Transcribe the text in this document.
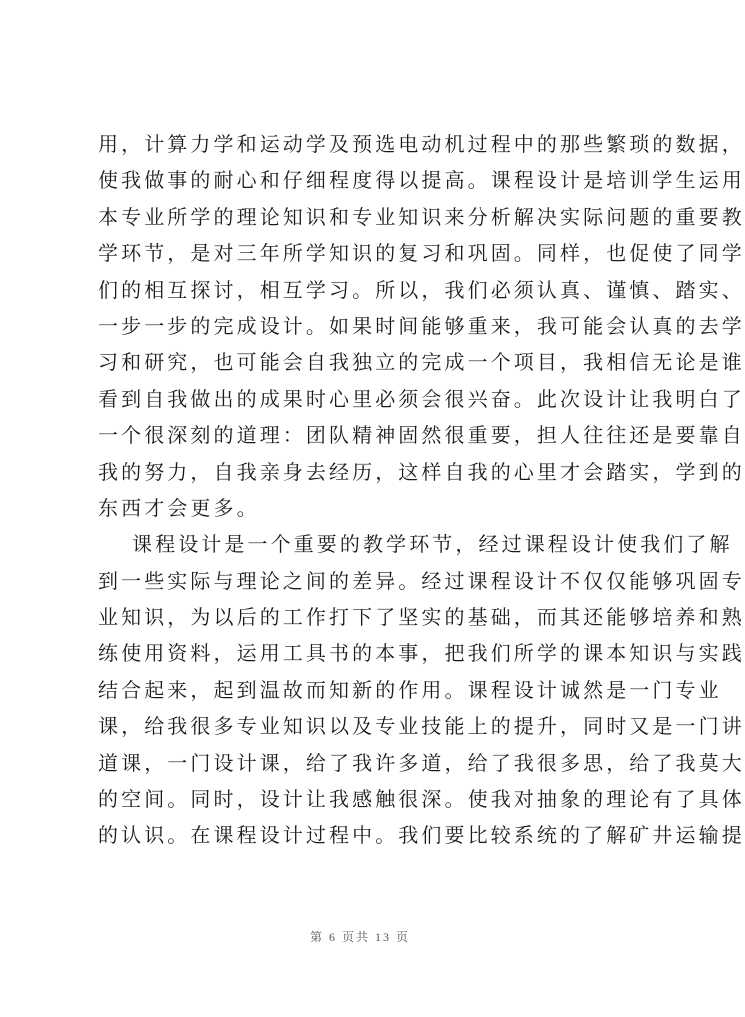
用，计算力学和运动学及预选电动机过程中的那些繁琐的数据，
使我做事的耐心和仔细程度得以提高。课程设计是培训学生运用
本专业所学的理论知识和专业知识来分析解决实际问题的重要教
学环节，是对三年所学知识的复习和巩固。同样，也促使了同学
们的相互探讨，相互学习。所以，我们必须认真、谨慎、踏实、
一步一步的完成设计。如果时间能够重来，我可能会认真的去学
习和研究，也可能会自我独立的完成一个项目，我相信无论是谁
看到自我做出的成果时心里必须会很兴奋。此次设计让我明白了
一个很深刻的道理：团队精神固然很重要，担人往往还是要靠自
我的努力，自我亲身去经历，这样自我的心里才会踏实，学到的
东西才会更多。
课程设计是一个重要的教学环节，经过课程设计使我们了解
到一些实际与理论之间的差异。经过课程设计不仅仅能够巩固专
业知识，为以后的工作打下了坚实的基础，而其还能够培养和熟
练使用资料，运用工具书的本事，把我们所学的课本知识与实践
结合起来，起到温故而知新的作用。课程设计诚然是一门专业
课，给我很多专业知识以及专业技能上的提升，同时又是一门讲
道课，一门设计课，给了我许多道，给了我很多思，给了我莫大
的空间。同时，设计让我感触很深。使我对抽象的理论有了具体
的认识。在课程设计过程中。我们要比较系统的了解矿井运输提
第 6 页共 13 页
